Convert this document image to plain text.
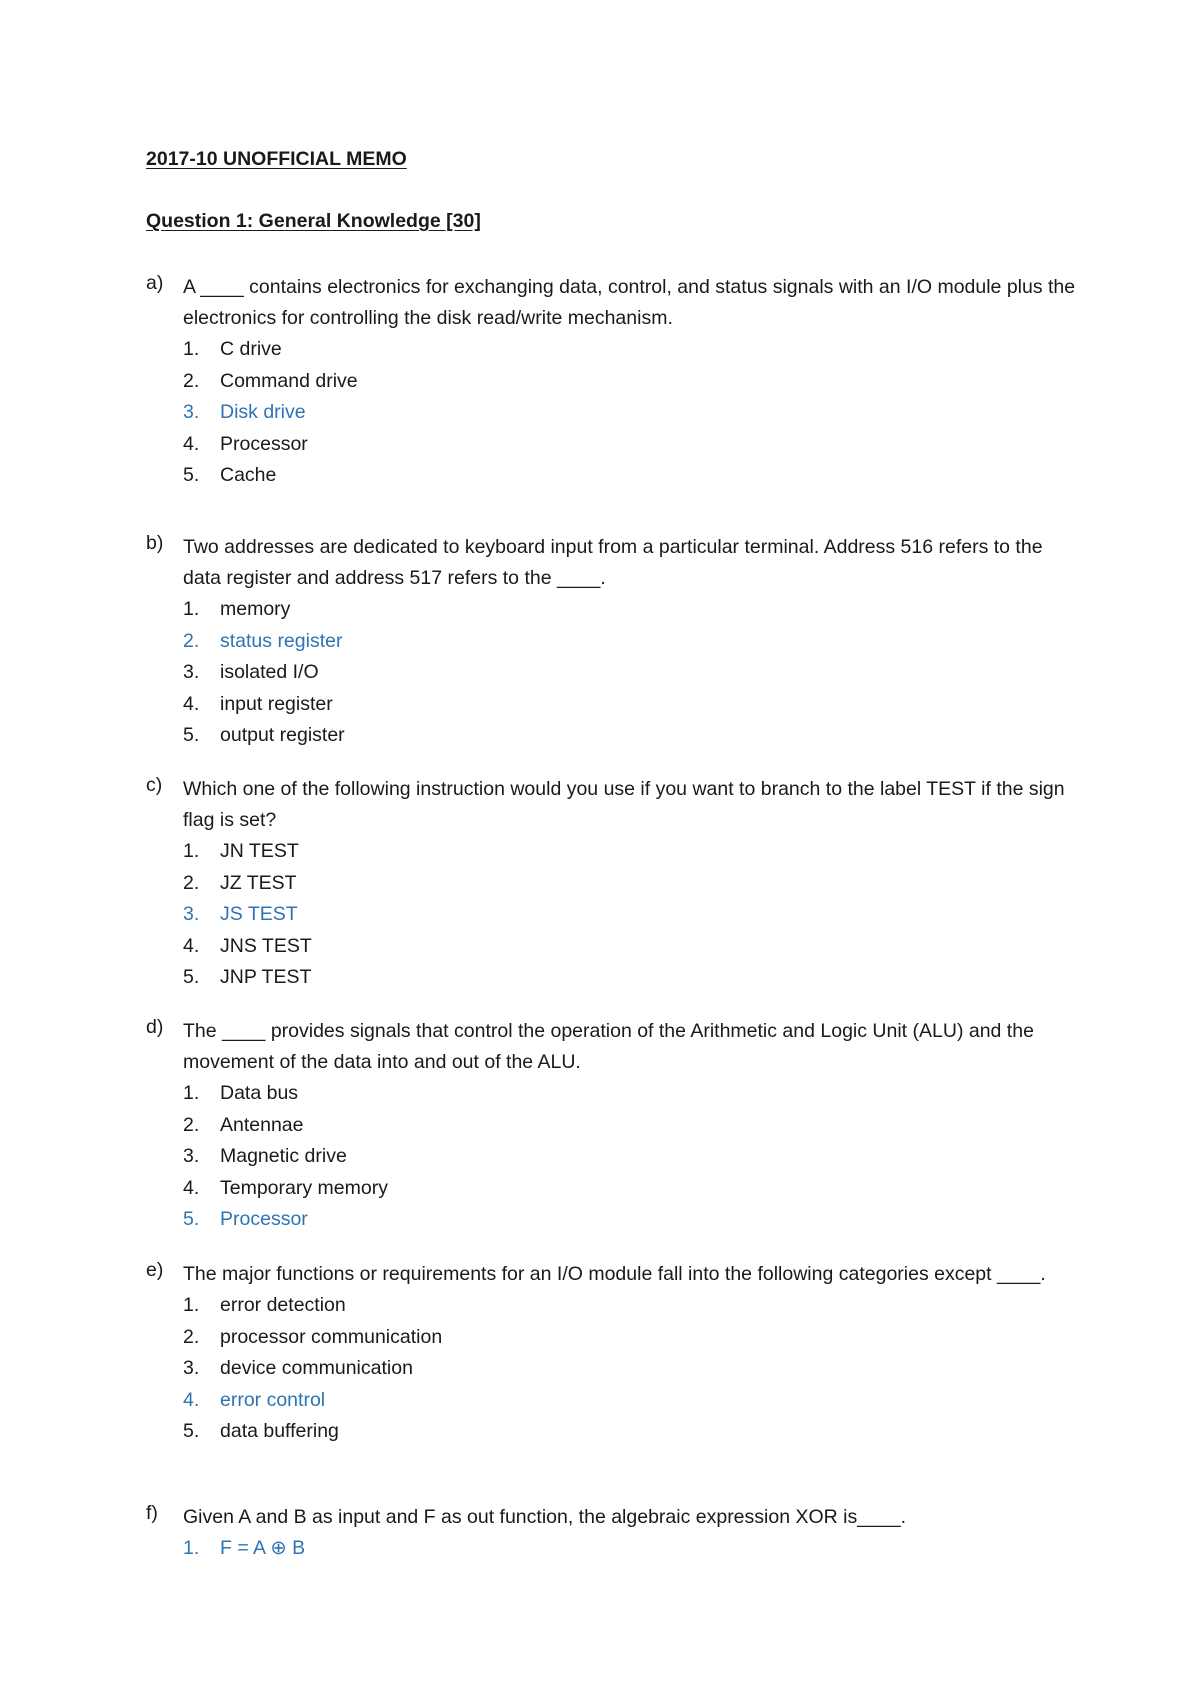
2017-10 UNOFFICIAL MEMO
Question 1: General Knowledge [30]
a) A ____ contains electronics for exchanging data, control, and status signals with an I/O module plus the electronics for controlling the disk read/write mechanism.
1. C drive
2. Command drive
3. Disk drive
4. Processor
5. Cache
b) Two addresses are dedicated to keyboard input from a particular terminal. Address 516 refers to the data register and address 517 refers to the ____.
1. memory
2. status register
3. isolated I/O
4. input register
5. output register
c) Which one of the following instruction would you use if you want to branch to the label TEST if the sign flag is set?
1. JN TEST
2. JZ TEST
3. JS TEST
4. JNS TEST
5. JNP TEST
d) The ____ provides signals that control the operation of the Arithmetic and Logic Unit (ALU) and the movement of the data into and out of the ALU.
1. Data bus
2. Antennae
3. Magnetic drive
4. Temporary memory
5. Processor
e) The major functions or requirements for an I/O module fall into the following categories except ____.
1. error detection
2. processor communication
3. device communication
4. error control
5. data buffering
f) Given A and B as input and F as out function, the algebraic expression XOR is____.
1. F = A ⊕ B
